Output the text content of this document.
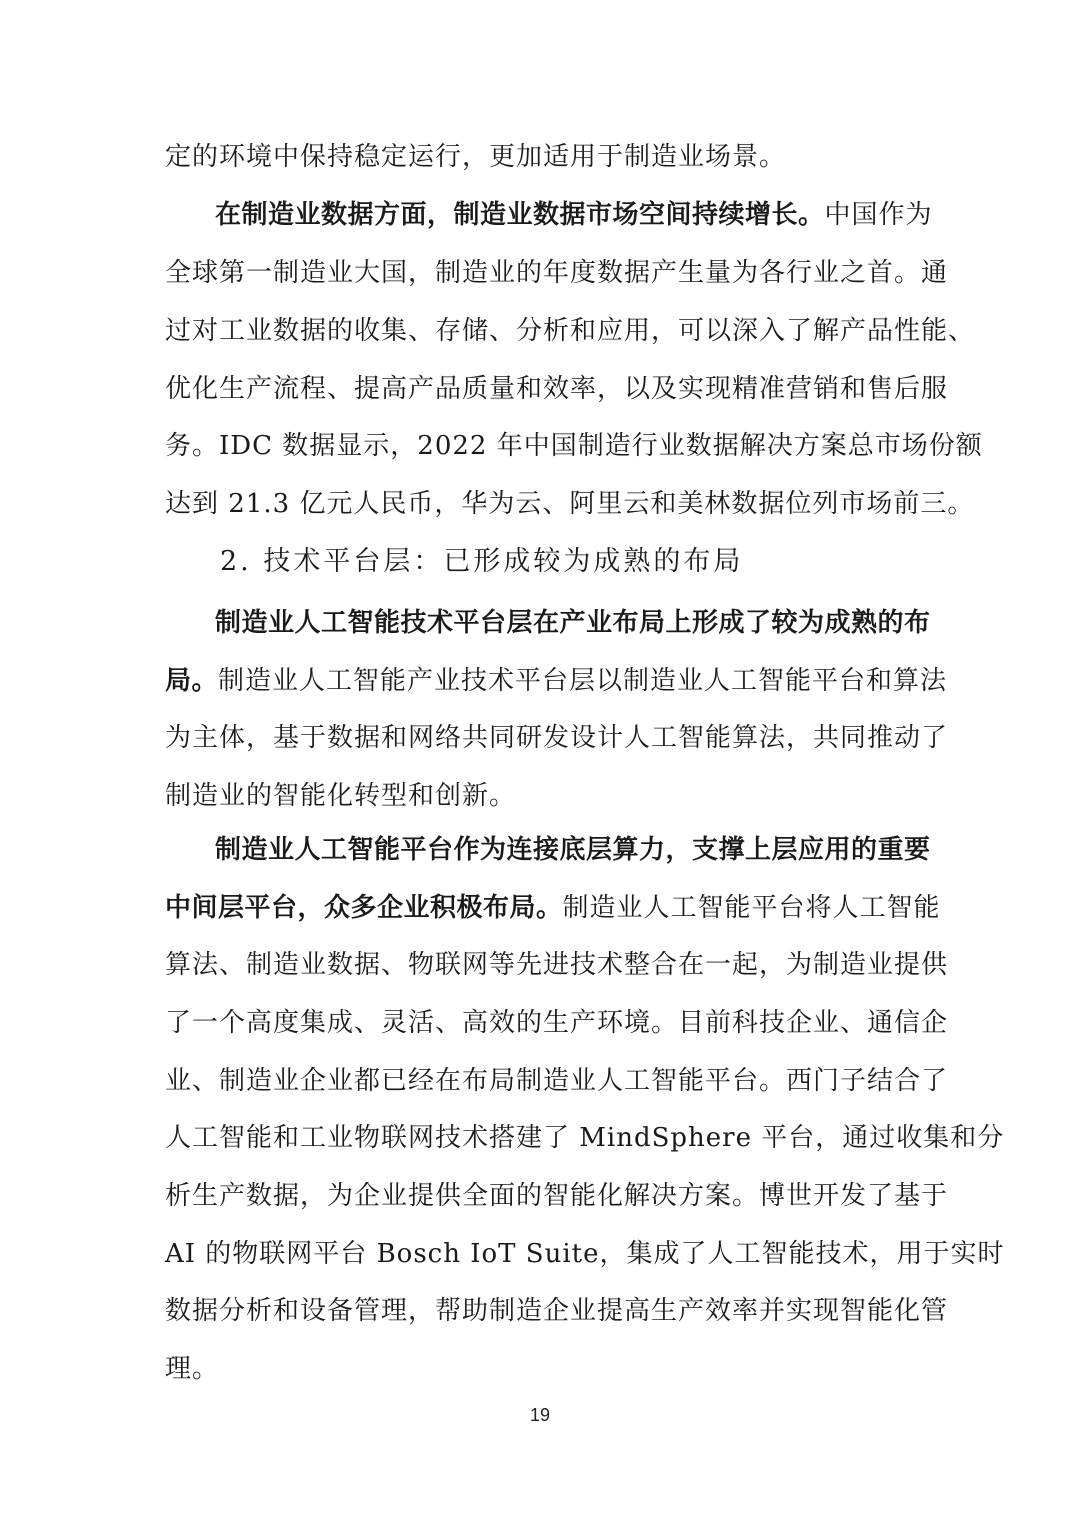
定的环境中保持稳定运行，更加适用于制造业场景。
在制造业数据方面，制造业数据市场空间持续增长。中国作为
全球第一制造业大国，制造业的年度数据产生量为各行业之首。通
过对工业数据的收集、存储、分析和应用，可以深入了解产品性能、
优化生产流程、提高产品质量和效率，以及实现精准营销和售后服
务。IDC 数据显示，2022 年中国制造行业数据解决方案总市场份额
达到 21.3 亿元人民币，华为云、阿里云和美林数据位列市场前三。
2. 技术平台层：已形成较为成熟的布局
制造业人工智能技术平台层在产业布局上形成了较为成熟的布
局。制造业人工智能产业技术平台层以制造业人工智能平台和算法
为主体，基于数据和网络共同研发设计人工智能算法，共同推动了
制造业的智能化转型和创新。
制造业人工智能平台作为连接底层算力，支撑上层应用的重要
中间层平台，众多企业积极布局。制造业人工智能平台将人工智能
算法、制造业数据、物联网等先进技术整合在一起，为制造业提供
了一个高度集成、灵活、高效的生产环境。目前科技企业、通信企
业、制造业企业都已经在布局制造业人工智能平台。西门子结合了
人工智能和工业物联网技术搭建了 MindSphere 平台，通过收集和分
析生产数据，为企业提供全面的智能化解决方案。博世开发了基于
AI 的物联网平台 Bosch IoT Suite，集成了人工智能技术，用于实时
数据分析和设备管理，帮助制造企业提高生产效率并实现智能化管
理。
19
